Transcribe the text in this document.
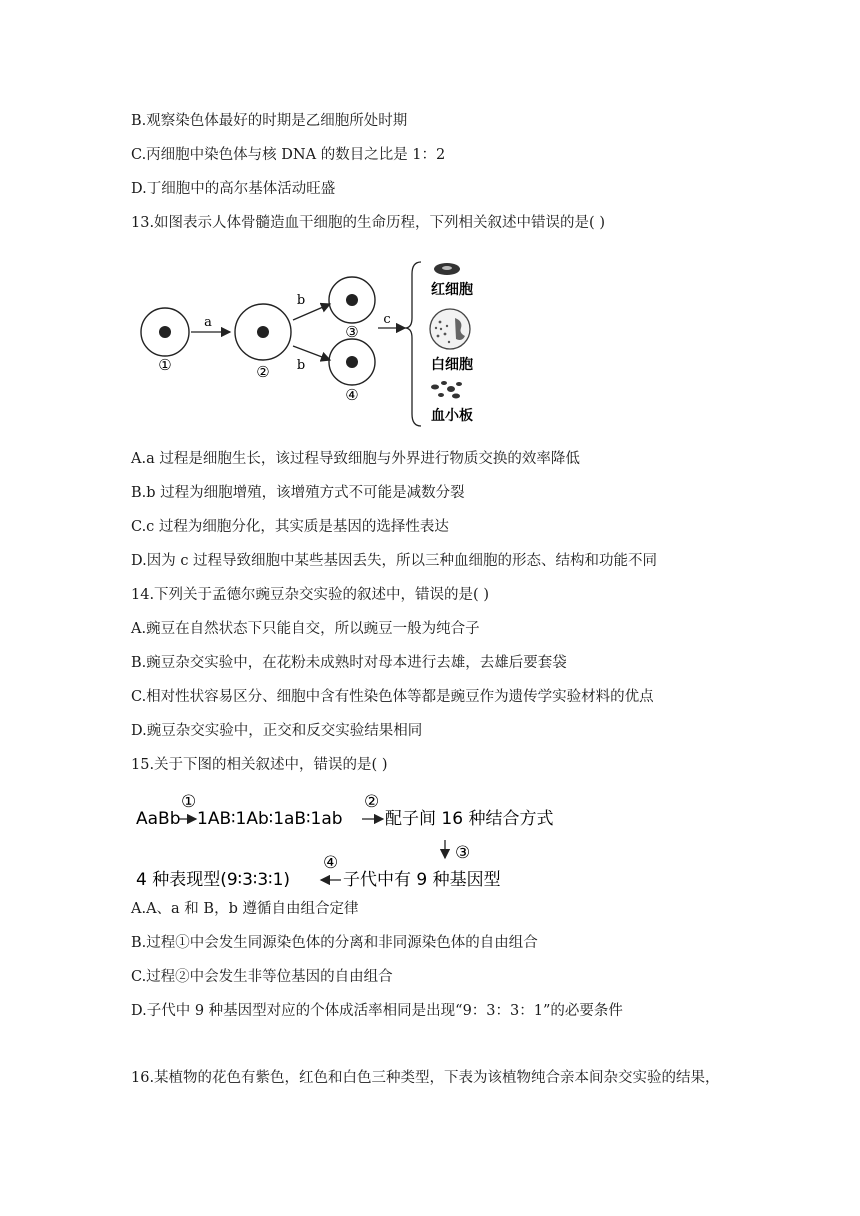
B.观察染色体最好的时期是乙细胞所处时期
C.丙细胞中染色体与核 DNA 的数目之比是 1：2
D.丁细胞中的高尔基体活动旺盛
13.如图表示人体骨髓造血干细胞的生命历程，下列相关叙述中错误的是( )
①
a
②
b
b
③
④
c
红细胞
白细胞
血小板
A.a 过程是细胞生长，该过程导致细胞与外界进行物质交换的效率降低
B.b 过程为细胞增殖，该增殖方式不可能是减数分裂
C.c 过程为细胞分化，其实质是基因的选择性表达
D.因为 c 过程导致细胞中某些基因丢失，所以三种血细胞的形态、结构和功能不同
14.下列关于孟德尔豌豆杂交实验的叙述中，错误的是( )
A.豌豆在自然状态下只能自交，所以豌豆一般为纯合子
B.豌豆杂交实验中，在花粉未成熟时对母本进行去雄，去雄后要套袋
C.相对性状容易区分、细胞中含有性染色体等都是豌豆作为遗传学实验材料的优点
D.豌豆杂交实验中，正交和反交实验结果相同
15.关于下图的相关叙述中，错误的是( )
AaBb
①
1AB∶1Ab∶1aB∶1ab
②
配子间 16 种结合方式
③
4 种表现型(9∶3∶3∶1)
④
子代中有 9 种基因型
A.A、a 和 B，b 遵循自由组合定律
B.过程①中会发生同源染色体的分离和非同源染色体的自由组合
C.过程②中会发生非等位基因的自由组合
D.子代中 9 种基因型对应的个体成活率相同是出现“9：3：3：1”的必要条件
16.某植物的花色有紫色，红色和白色三种类型，下表为该植物纯合亲本间杂交实验的结果，
